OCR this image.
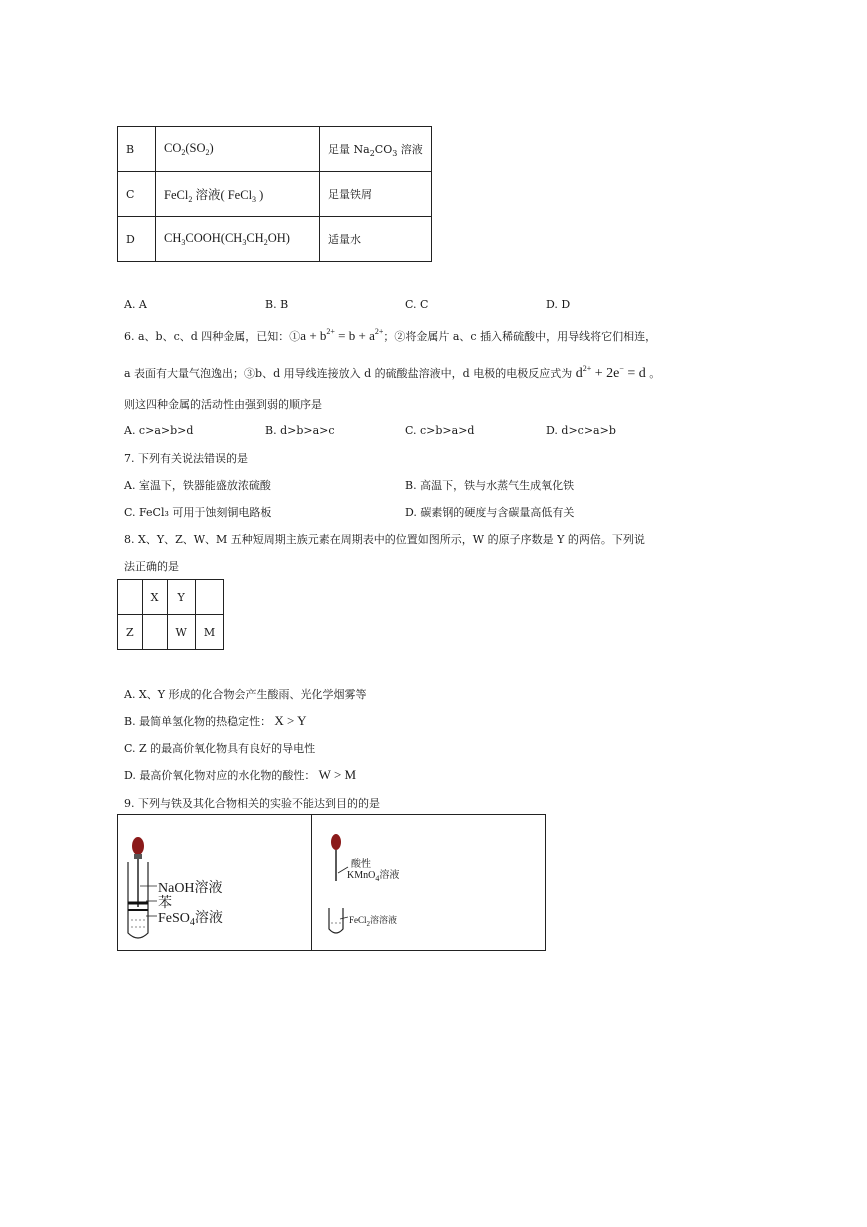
B	$CO_2(SO_2)$	足量 $Na_2CO_3$ 溶液
C	FeCl$_2$ 溶液( FeCl$_3$ )	足量铁屑
D	$CH_3COOH(CH_3CH_2OH)$	适量水
A. A	B. B	C. C	D. D
6. a、b、c、d 四种金属，已知：①a + $b^{2+} = b + a^{2+}$；②将金属片 a、c 插入稀硫酸中，用导线将它们相连，
a 表面有大量气泡逸出；③b、d 用导线连接放入 d 的硫酸盐溶液中，d 电极的电极反应式为 $d^{2+} + 2e^- = d$ 。
则这四种金属的活动性由强到弱的顺序是
A. c>a>b>d	B. d>b>a>c	C. c>b>a>d	D. d>c>a>b
7. 下列有关说法错误的是
A. 室温下，铁器能盛放浓硫酸	B. 高温下，铁与水蒸气生成氧化铁
C. FeCl₃ 可用于蚀刻铜电路板	D. 碳素钢的硬度与含碳量高低有关
8. X、Y、Z、W、M 五种短周期主族元素在周期表中的位置如图所示，W 的原子序数是 Y 的两倍。下列说
法正确的是
	X	Y	
Z		W	M
A. X、Y 形成的化合物会产生酸雨、光化学烟雾等
B. 最简单氢化物的热稳定性： X > Y
C. Z 的最高价氧化物具有良好的导电性
D. 最高价氧化物对应的水化物的酸性： W > M
9. 下列与铁及其化合物相关的实验不能达到目的的是
NaOH溶液
苯
FeSO$_4$溶液
酸性
KMnO$_4$溶液
FeCl$_2$溶溶液
